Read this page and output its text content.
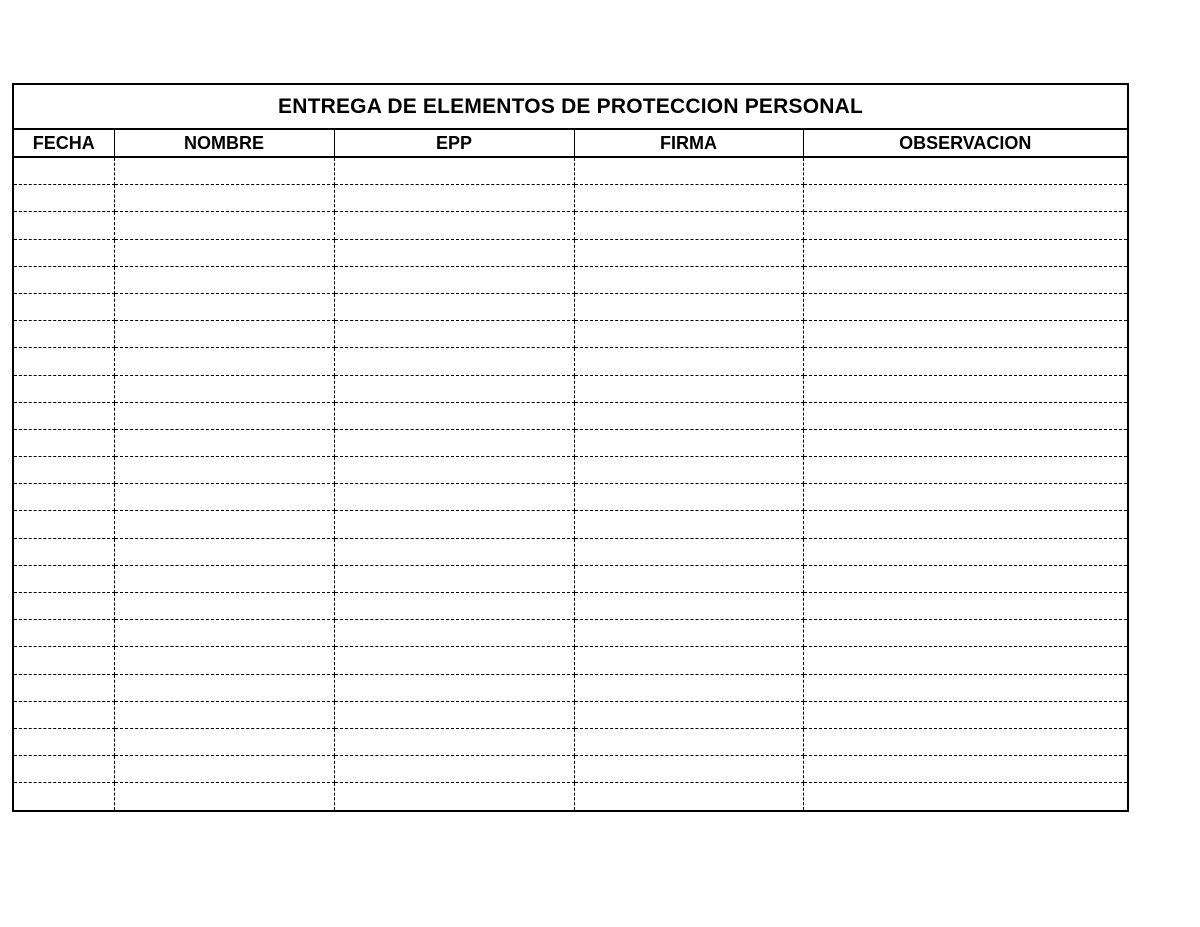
ENTREGA DE ELEMENTOS DE PROTECCION PERSONAL
FECHA	NOMBRE	EPP	FIRMA	OBSERVACION
